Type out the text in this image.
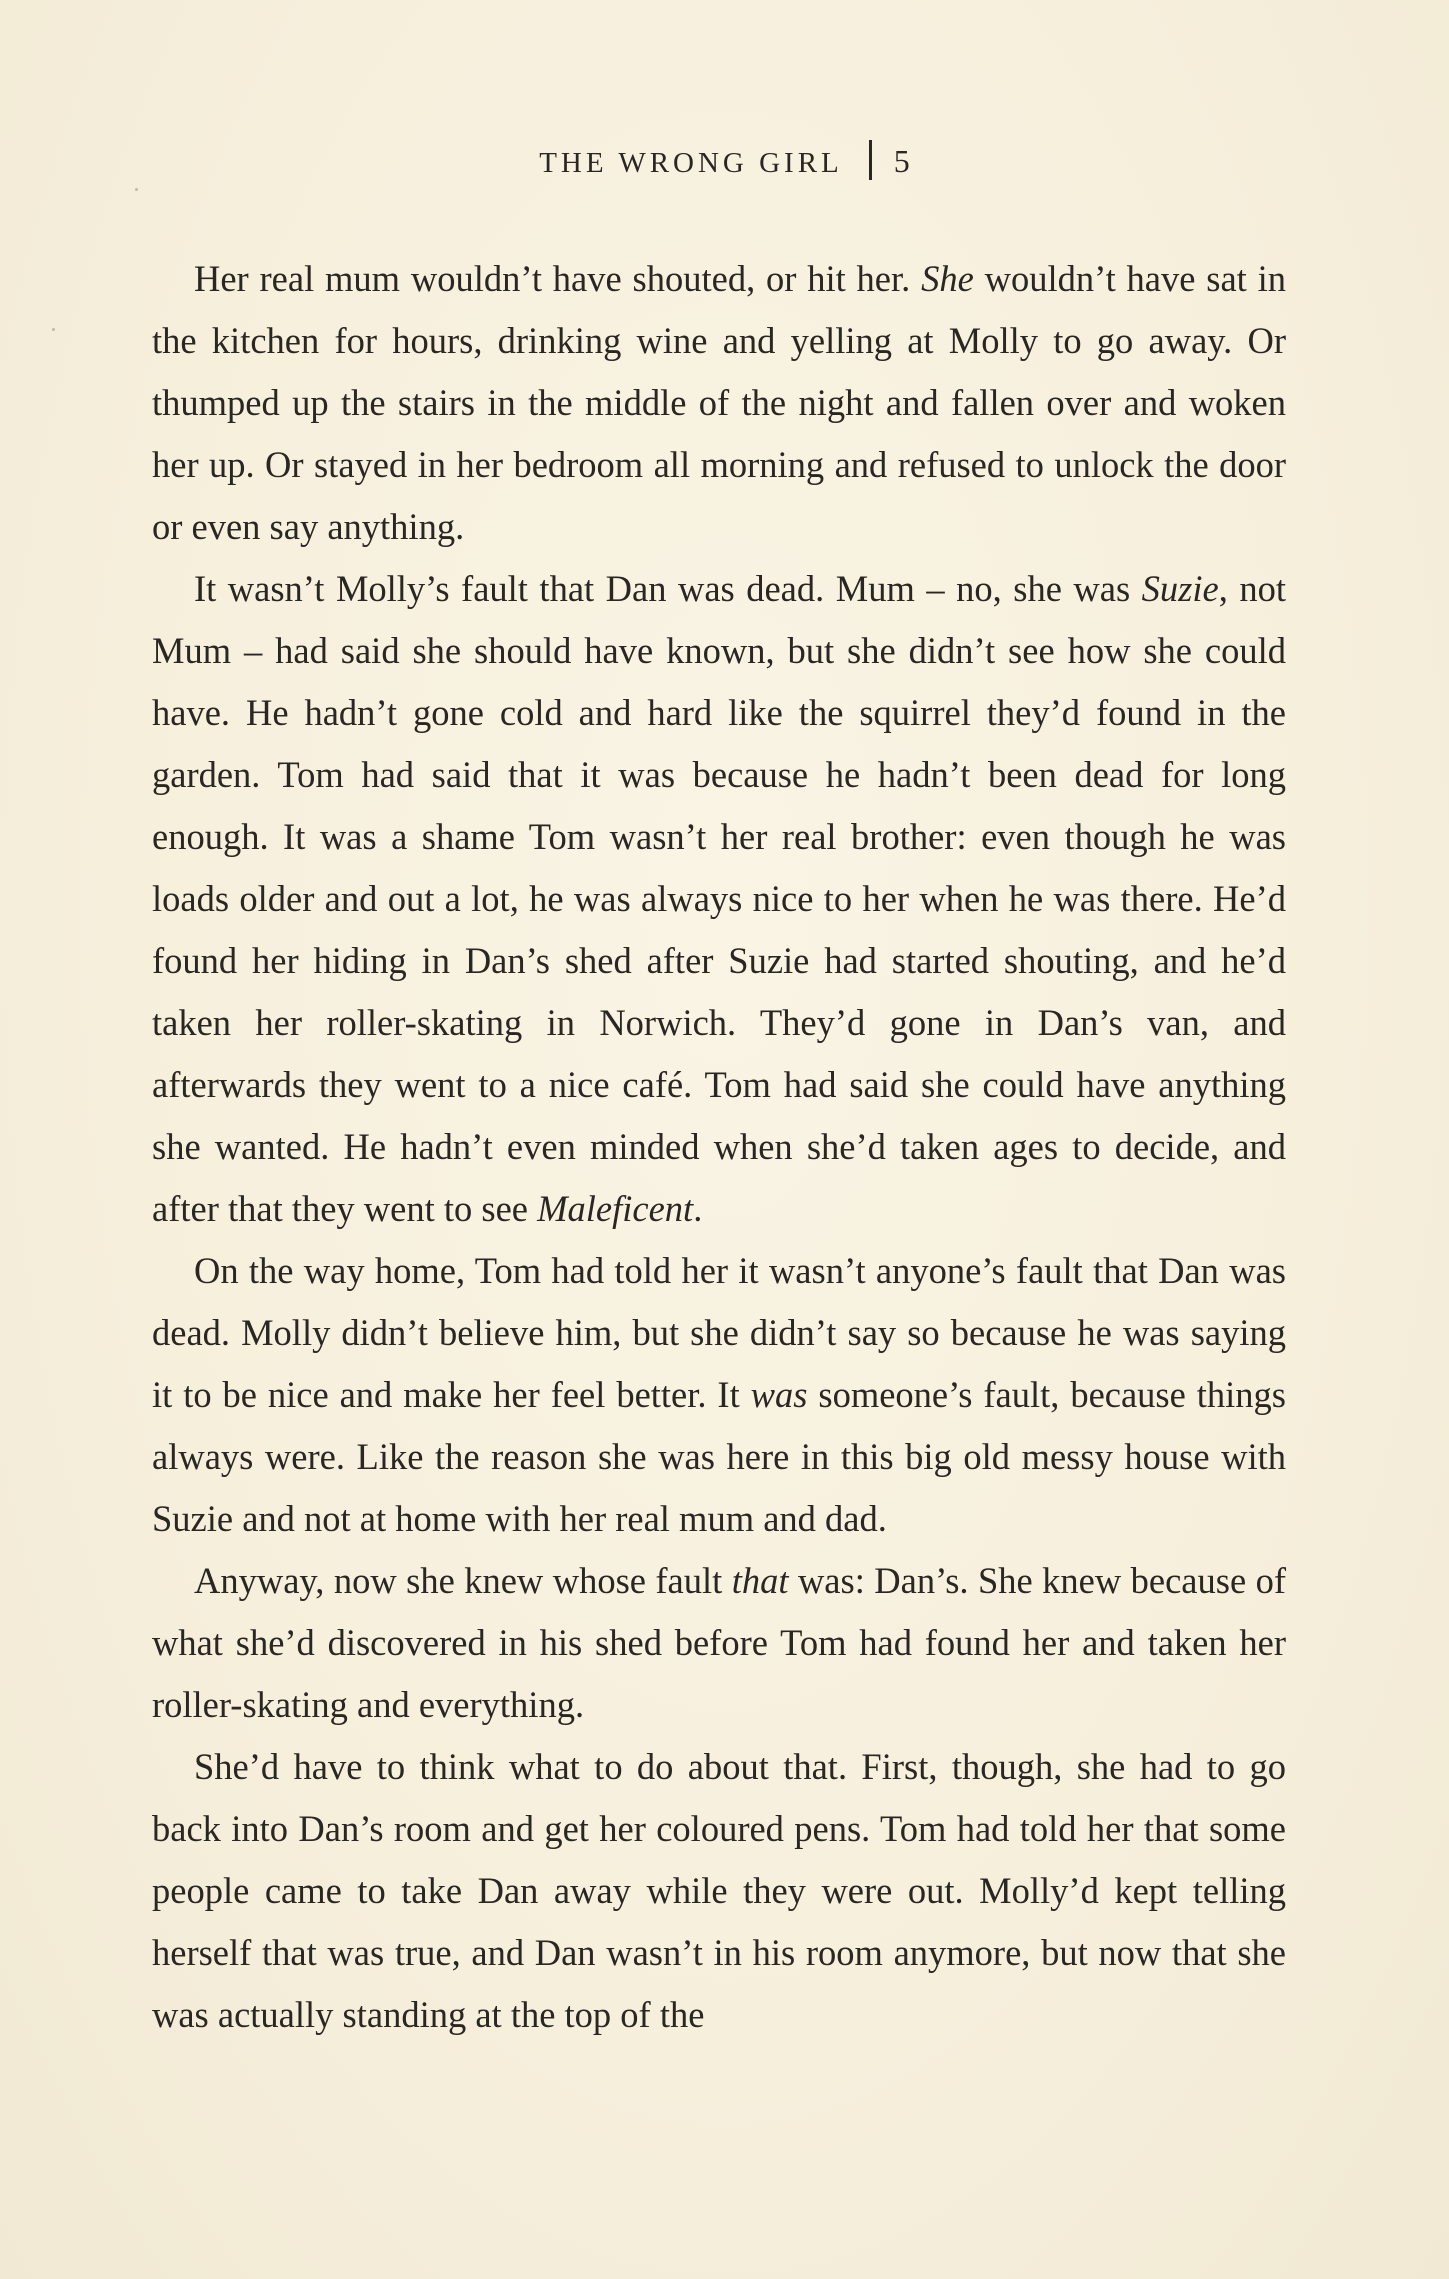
THE WRONG GIRL 5

Her real mum wouldn’t have shouted, or hit her. She wouldn’t have sat in the kitchen for hours, drinking wine and yelling at Molly to go away. Or thumped up the stairs in the middle of the night and fallen over and woken her up. Or stayed in her bedroom all morning and refused to unlock the door or even say anything.

It wasn’t Molly’s fault that Dan was dead. Mum – no, she was Suzie, not Mum – had said she should have known, but she didn’t see how she could have. He hadn’t gone cold and hard like the squirrel they’d found in the garden. Tom had said that it was because he hadn’t been dead for long enough. It was a shame Tom wasn’t her real brother: even though he was loads older and out a lot, he was always nice to her when he was there. He’d found her hiding in Dan’s shed after Suzie had started shouting, and he’d taken her roller-skating in Norwich. They’d gone in Dan’s van, and afterwards they went to a nice café. Tom had said she could have anything she wanted. He hadn’t even minded when she’d taken ages to decide, and after that they went to see Maleficent.

On the way home, Tom had told her it wasn’t anyone’s fault that Dan was dead. Molly didn’t believe him, but she didn’t say so because he was saying it to be nice and make her feel better. It was someone’s fault, because things always were. Like the reason she was here in this big old messy house with Suzie and not at home with her real mum and dad.

Anyway, now she knew whose fault that was: Dan’s. She knew because of what she’d discovered in his shed before Tom had found her and taken her roller-skating and everything.

She’d have to think what to do about that. First, though, she had to go back into Dan’s room and get her coloured pens. Tom had told her that some people came to take Dan away while they were out. Molly’d kept telling herself that was true, and Dan wasn’t in his room anymore, but now that she was actually standing at the top of the
